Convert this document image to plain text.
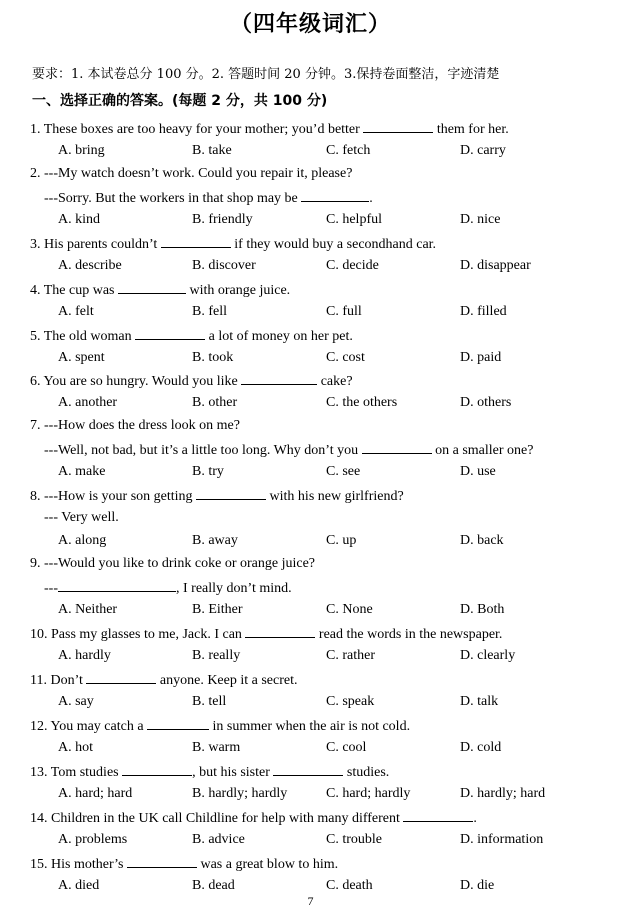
（四年级词汇）
要求：1. 本试卷总分 100 分。2. 答题时间 20 分钟。3.保持卷面整洁，字迹清楚
一、选择正确的答案。(每题 2 分，共 100 分)
1. These boxes are too heavy for your mother; you’d better	them for her.
A. bring	B. take	C. fetch	D. carry
2. ---My watch doesn’t work. Could you repair it, please?
---Sorry. But the workers in that shop may be	.
A. kind	B. friendly	C. helpful	D. nice
3. His parents couldn’t	if they would buy a secondhand car.
A. describe	B. discover	C. decide	D. disappear
4. The cup was	with orange juice.
A. felt	B. fell	C. full	D. filled
5. The old woman	a lot of money on her pet.
A. spent	B. took	C. cost	D. paid
6. You are so hungry. Would you like	cake?
A. another	B. other	C. the others	D. others
7. ---How does the dress look on me?
---Well, not bad, but it’s a little too long. Why don’t you	on a smaller one?
A. make	B. try	C. see	D. use
8. ---How is your son getting	with his new girlfriend?
--- Very well.
A. along	B. away	C. up	D. back
9. ---Would you like to drink coke or orange juice?
---	, I really don’t mind.
A. Neither	B. Either	C. None	D. Both
10. Pass my glasses to me, Jack. I can	read the words in the newspaper.
A. hardly	B. really	C. rather	D. clearly
11. Don’t	anyone. Keep it a secret.
A. say	B. tell	C. speak	D. talk
12. You may catch a	in summer when the air is not cold.
A. hot	B. warm	C. cool	D. cold
13. Tom studies	, but his sister	studies.
A. hard; hard	B. hardly; hardly	C. hard; hardly	D. hardly; hard
14. Children in the UK call Childline for help with many different	.
A. problems	B. advice	C. trouble	D. information
15. His mother’s	was a great blow to him.
A. died	B. dead	C. death	D. die
7
